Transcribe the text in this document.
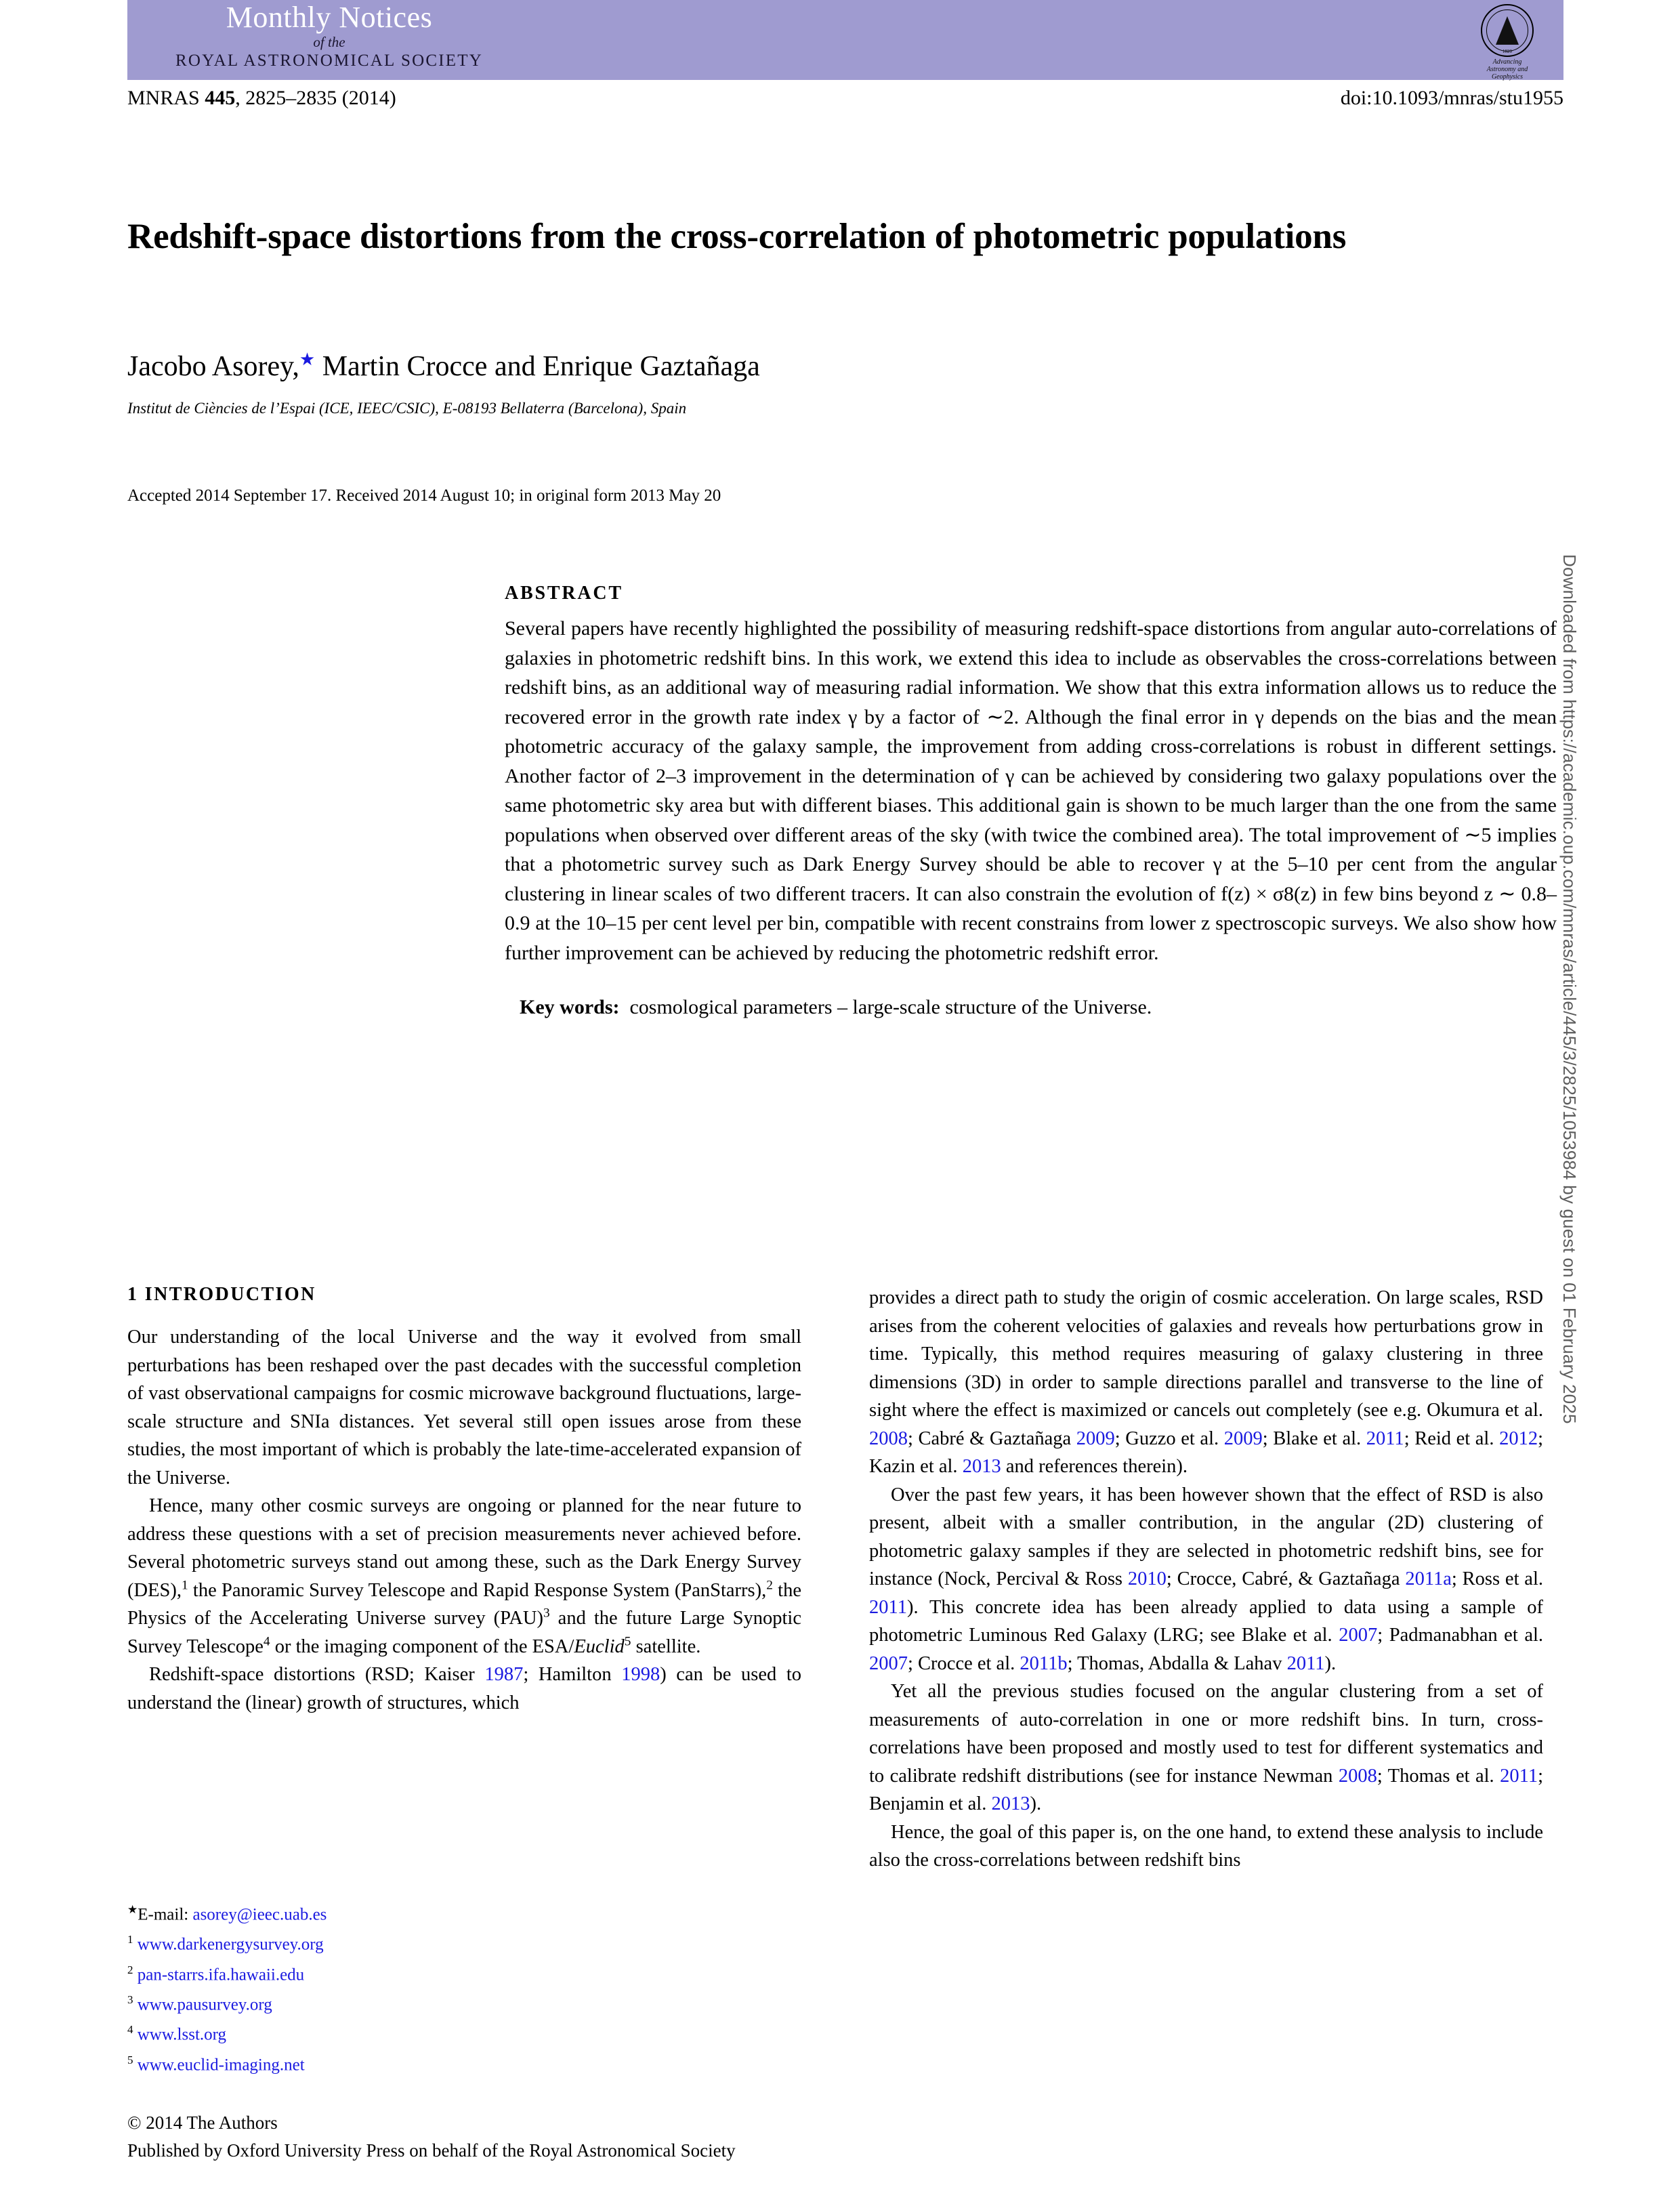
Monthly Notices
of the
ROYAL ASTRONOMICAL SOCIETY	1820
Advancing
Astronomy and
Geophysics
MNRAS 445, 2825–2835 (2014)	doi:10.1093/mnras/stu1955
Redshift-space distortions from the cross-correlation of photometric populations
Jacobo Asorey,★ Martin Crocce and Enrique Gaztañaga
Institut de Ciències de l’Espai (ICE, IEEC/CSIC), E-08193 Bellaterra (Barcelona), Spain
Accepted 2014 September 17. Received 2014 August 10; in original form 2013 May 20
ABSTRACT
Several papers have recently highlighted the possibility of measuring redshift-space distortions from angular auto-correlations of galaxies in photometric redshift bins. In this work, we extend this idea to include as observables the cross-correlations between redshift bins, as an additional way of measuring radial information. We show that this extra information allows us to reduce the recovered error in the growth rate index γ by a factor of ∼2. Although the final error in γ depends on the bias and the mean photometric accuracy of the galaxy sample, the improvement from adding cross-correlations is robust in different settings. Another factor of 2–3 improvement in the determination of γ can be achieved by considering two galaxy populations over the same photometric sky area but with different biases. This additional gain is shown to be much larger than the one from the same populations when observed over different areas of the sky (with twice the combined area). The total improvement of ∼5 implies that a photometric survey such as Dark Energy Survey should be able to recover γ at the 5–10 per cent from the angular clustering in linear scales of two different tracers. It can also constrain the evolution of f(z) × σ8(z) in few bins beyond z ∼ 0.8–0.9 at the 10–15 per cent level per bin, compatible with recent constrains from lower z spectroscopic surveys. We also show how further improvement can be achieved by reducing the photometric redshift error.
Key words: cosmological parameters – large-scale structure of the Universe.
1 INTRODUCTION

Our understanding of the local Universe and the way it evolved from small perturbations has been reshaped over the past decades with the successful completion of vast observational campaigns for cosmic microwave background fluctuations, large-scale structure and SNIa distances. Yet several still open issues arose from these studies, the most important of which is probably the late-time-accelerated expansion of the Universe.

Hence, many other cosmic surveys are ongoing or planned for the near future to address these questions with a set of precision measurements never achieved before. Several photometric surveys stand out among these, such as the Dark Energy Survey (DES),$^1$ the Panoramic Survey Telescope and Rapid Response System (PanStarrs),$^2$ the Physics of the Accelerating Universe survey (PAU)$^3$ and the future Large Synoptic Survey Telescope$^4$ or the imaging component of the ESA/Euclid$^5$ satellite.

Redshift-space distortions (RSD; Kaiser 1987; Hamilton 1998) can be used to understand the (linear) growth of structures, which

provides a direct path to study the origin of cosmic acceleration. On large scales, RSD arises from the coherent velocities of galaxies and reveals how perturbations grow in time. Typically, this method requires measuring of galaxy clustering in three dimensions (3D) in order to sample directions parallel and transverse to the line of sight where the effect is maximized or cancels out completely (see e.g. Okumura et al. 2008; Cabré & Gaztañaga 2009; Guzzo et al. 2009; Blake et al. 2011; Reid et al. 2012; Kazin et al. 2013 and references therein).

Over the past few years, it has been however shown that the effect of RSD is also present, albeit with a smaller contribution, in the angular (2D) clustering of photometric galaxy samples if they are selected in photometric redshift bins, see for instance (Nock, Percival & Ross 2010; Crocce, Cabré, & Gaztañaga 2011a; Ross et al. 2011). This concrete idea has been already applied to data using a sample of photometric Luminous Red Galaxy (LRG; see Blake et al. 2007; Padmanabhan et al. 2007; Crocce et al. 2011b; Thomas, Abdalla & Lahav 2011).

Yet all the previous studies focused on the angular clustering from a set of measurements of auto-correlation in one or more redshift bins. In turn, cross-correlations have been proposed and mostly used to test for different systematics and to calibrate redshift distributions (see for instance Newman 2008; Thomas et al. 2011; Benjamin et al. 2013).

Hence, the goal of this paper is, on the one hand, to extend these analysis to include also the cross-correlations between redshift bins

★E-mail: asorey@ieec.uab.es
$^1$ www.darkenergysurvey.org
$^2$ pan-starrs.ifa.hawaii.edu
$^3$ www.pausurvey.org
$^4$ www.lsst.org
$^5$ www.euclid-imaging.net
© 2014 The Authors
Published by Oxford University Press on behalf of the Royal Astronomical Society
Downloaded from https://academic.oup.com/mnras/article/445/3/2825/1053984 by guest on 01 February 2025
